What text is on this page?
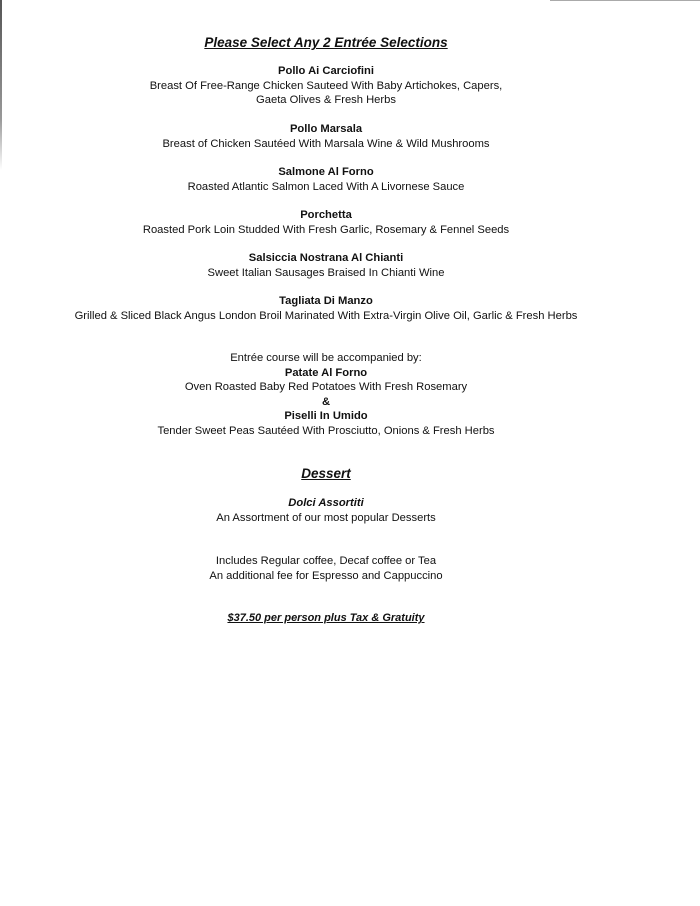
Please Select Any 2 Entrée Selections
Pollo Ai Carciofini
Breast Of Free-Range Chicken Sauteed With Baby Artichokes, Capers,
Gaeta Olives & Fresh Herbs
Pollo Marsala
Breast of Chicken Sautéed With Marsala Wine & Wild Mushrooms
Salmone Al Forno
Roasted Atlantic Salmon Laced With A Livornese Sauce
Porchetta
Roasted Pork Loin Studded With Fresh Garlic, Rosemary & Fennel Seeds
Salsiccia Nostrana Al Chianti
Sweet Italian Sausages Braised In Chianti Wine
Tagliata Di Manzo
Grilled & Sliced Black Angus London Broil Marinated With Extra-Virgin Olive Oil, Garlic & Fresh Herbs
Entrée course will be accompanied by:
Patate Al Forno
Oven Roasted Baby Red Potatoes With Fresh Rosemary
&
Piselli In Umido
Tender Sweet Peas Sautéed With Prosciutto, Onions & Fresh Herbs
Dessert
Dolci Assortiti
An Assortment of our most popular Desserts
Includes Regular coffee, Decaf coffee or Tea
An additional fee for Espresso and Cappuccino
$37.50 per person plus Tax & Gratuity
